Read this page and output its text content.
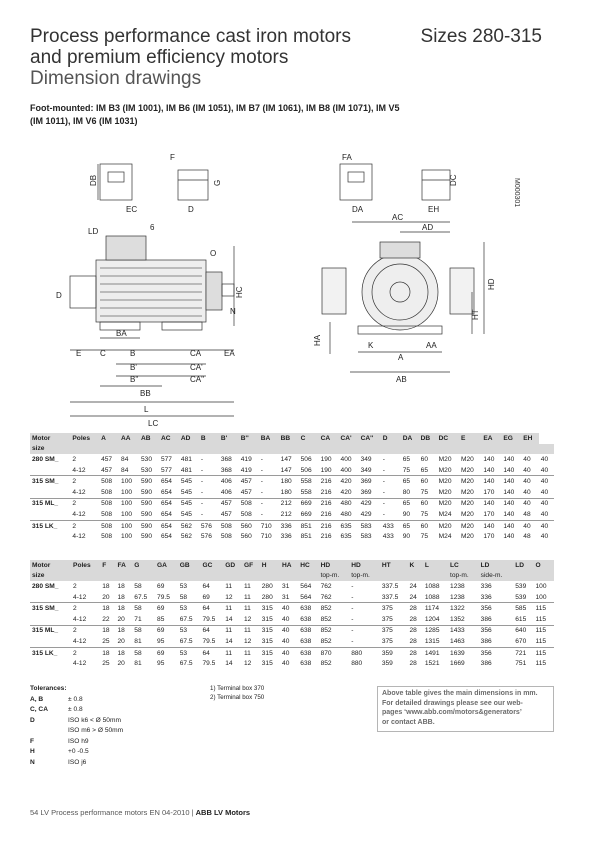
Process performance cast iron motors
and premium efficiency motors
Dimension drawings
Sizes 280-315
Foot-mounted: IM B3 (IM 1001), IM B6 (IM 1051), IM B7 (IM 1061), IM B8 (IM 1071), IM V5 (IM 1011), IM V6 (IM 1031)
M000301
DB
F
G
EC	D
FA
DC
DA	EH
LD	6
O
HC
N
D
BA
E C	B	CA	EA
B'	CA'
B''	CA''
BB
L
LC
AC
AD
HD
HT
HA	K
A
AA
AB
Motor	Poles	A	AA	AB	AC	AD	B	B'	B''	BA	BB	C	CA	CA'	CA''	D	DA	DB	DC	E	EA	EG	EH	
size																								
280 SM_	2	457	84	530	577	481	-	368	419	-	147	506	190	400	349	-	65	60	M20	M20	140	140	40	40
	4-12	457	84	530	577	481	-	368	419	-	147	506	190	400	349	-	75	65	M20	M20	140	140	40	40
315 SM_	2	508	100	590	654	545	-	406	457	-	180	558	216	420	369	-	65	60	M20	M20	140	140	40	40
	4-12	508	100	590	654	545	-	406	457	-	180	558	216	420	369	-	80	75	M20	M20	170	140	40	40
315 ML_	2	508	100	590	654	545	-	457	508	-	212	669	216	480	429	-	65	60	M20	M20	140	140	40	40
	4-12	508	100	590	654	545	-	457	508	-	212	669	216	480	429	-	90	75	M24	M20	170	140	48	40
315 LK_	2	508	100	590	654	562	576	508	560	710	336	851	216	635	583	433	65	60	M20	M20	140	140	40	40
	4-12	508	100	590	654	562	576	508	560	710	336	851	216	635	583	433	90	75	M24	M20	170	140	48	40
Motor	Poles	F	FA	G	GA	GB	GC	GD	GF	H	HA	HC	HD	HD	HT	K	L	LC	LD	LD	O
size													top-m.	top-m.				top-m.	side-m.		
280 SM_	2	18	18	58	69	53	64	11	11	280	31	564	762	-	337.5	24	1088	1238	336	539	100
	4-12	20	18	67.5	79.5	58	69	12	11	280	31	564	762	-	337.5	24	1088	1238	336	539	100
315 SM_	2	18	18	58	69	53	64	11	11	315	40	638	852	-	375	28	1174	1322	356	585	115
	4-12	22	20	71	85	67.5	79.5	14	12	315	40	638	852	-	375	28	1204	1352	386	615	115
315 ML_	2	18	18	58	69	53	64	11	11	315	40	638	852	-	375	28	1285	1433	356	640	115
	4-12	25	20	81	95	67.5	79.5	14	12	315	40	638	852	-	375	28	1315	1463	386	670	115
315 LK_	2	18	18	58	69	53	64	11	11	315	40	638	870	880	359	28	1491	1639	356	721	115
	4-12	25	20	81	95	67.5	79.5	14	12	315	40	638	852	880	359	28	1521	1669	386	751	115
Tolerances:
A, B	± 0.8
C, CA	± 0.8
D	ISO k6 < Ø 50mm
ISO m6 > Ø 50mm
F	ISO h9
H	+0 -0.5
N	ISO j6
1) Terminal box 370
2) Terminal box 750
Above table gives the main dimensions in mm.
For detailed drawings please see our web-
pages ‘www.abb.com/motors&generators’
or contact ABB.
54 LV Process performance motors EN 04-2010 | ABB LV Motors
